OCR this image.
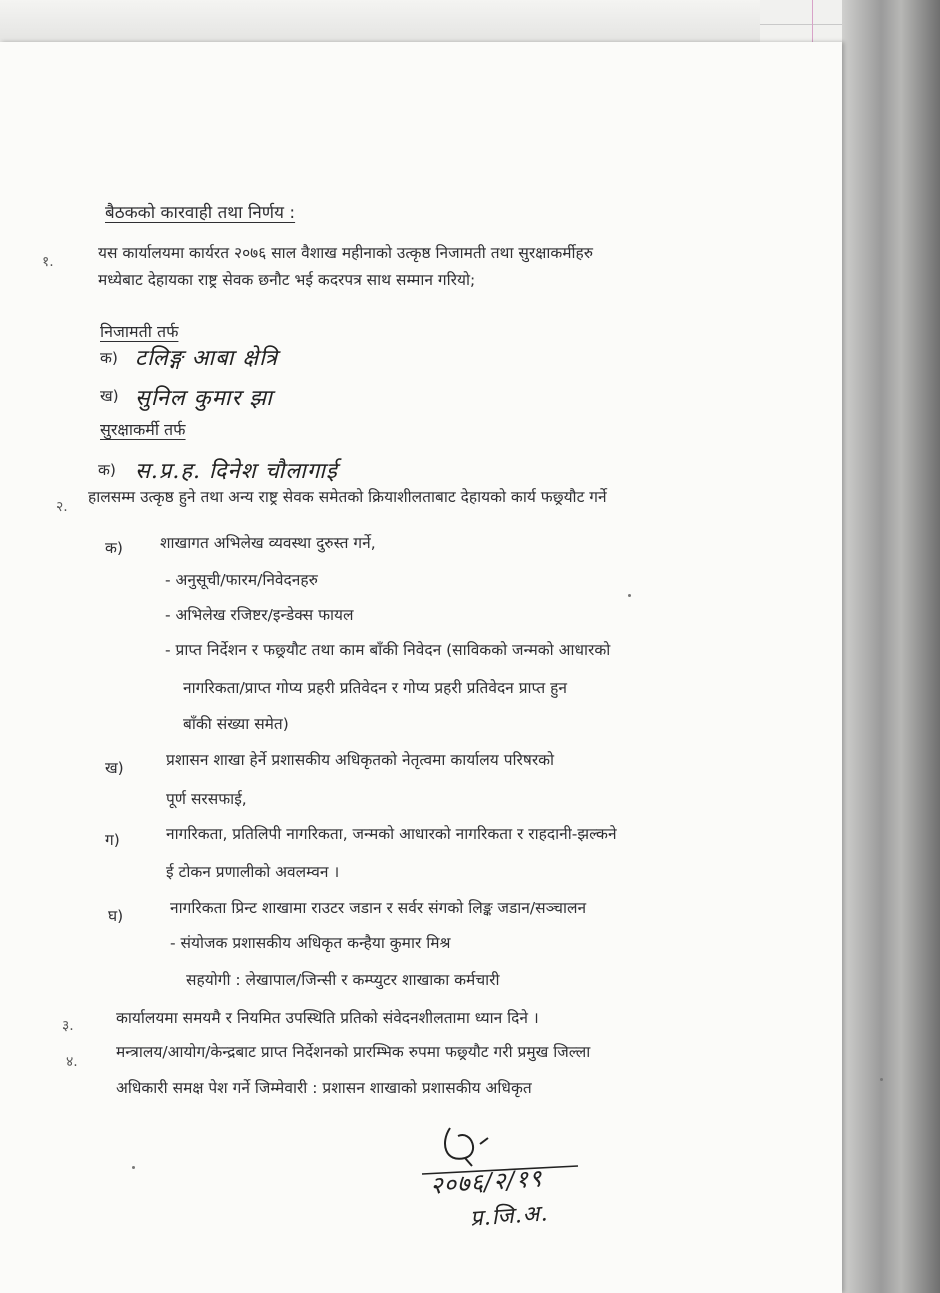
बैठकको कारवाही तथा निर्णय :
१.	यस कार्यालयमा कार्यरत २०७६ साल वैशाख महीनाको उत्कृष्ठ निजामती तथा सुरक्षाकर्मीहरु
मध्येबाट देहायका राष्ट्र सेवक छनौट भई कदरपत्र साथ सम्मान गरियो;
निजामती तर्फ
क) टलिङ्ग आबा क्षेत्रि
ख) सुनिल कुमार झा
सुरक्षाकर्मी तर्फ
क) स.प्र.ह. दिनेश चौलागाई
२.
हालसम्म उत्कृष्ठ हुने तथा अन्य राष्ट्र सेवक समेतको क्रियाशीलताबाट देहायको कार्य फछ्र्यौट गर्ने
क) शाखागत अभिलेख व्यवस्था दुरुस्त गर्ने,
- अनुसूची/फारम/निवेदनहरु
- अभिलेख रजिष्टर/इन्डेक्स फायल
- प्राप्त निर्देशन र फछ्र्यौट तथा काम बाँकी निवेदन (साविकको जन्मको आधारको
नागरिकता/प्राप्त गोप्य प्रहरी प्रतिवेदन र गोप्य प्रहरी प्रतिवेदन प्राप्त हुन
बाँकी संख्या समेत)
ख)	प्रशासन शाखा हेर्ने प्रशासकीय अधिकृतको नेतृत्वमा कार्यालय परिषरको
पूर्ण सरसफाई,
ग)	नागरिकता, प्रतिलिपी नागरिकता, जन्मको आधारको नागरिकता र राहदानी-झल्कने
ई टोकन प्रणालीको अवलम्वन ।
घ)	नागरिकता प्रिन्ट शाखामा राउटर जडान र सर्वर संगको लिङ्क जडान/सञ्चालन
- संयोजक प्रशासकीय अधिकृत कन्हैया कुमार मिश्र
सहयोगी : लेखापाल/जिन्सी र कम्प्युटर शाखाका कर्मचारी
३.	कार्यालयमा समयमै र नियमित उपस्थिति प्रतिको संवेदनशीलतामा ध्यान दिने ।
४.
मन्त्रालय/आयोग/केन्द्रबाट प्राप्त निर्देशनको प्रारम्भिक रुपमा फछ्र्यौट गरी प्रमुख जिल्ला
अधिकारी समक्ष पेश गर्ने जिम्मेवारी : प्रशासन शाखाको प्रशासकीय अधिकृत
२०७६/२/१९
प्र.जि.अ.
